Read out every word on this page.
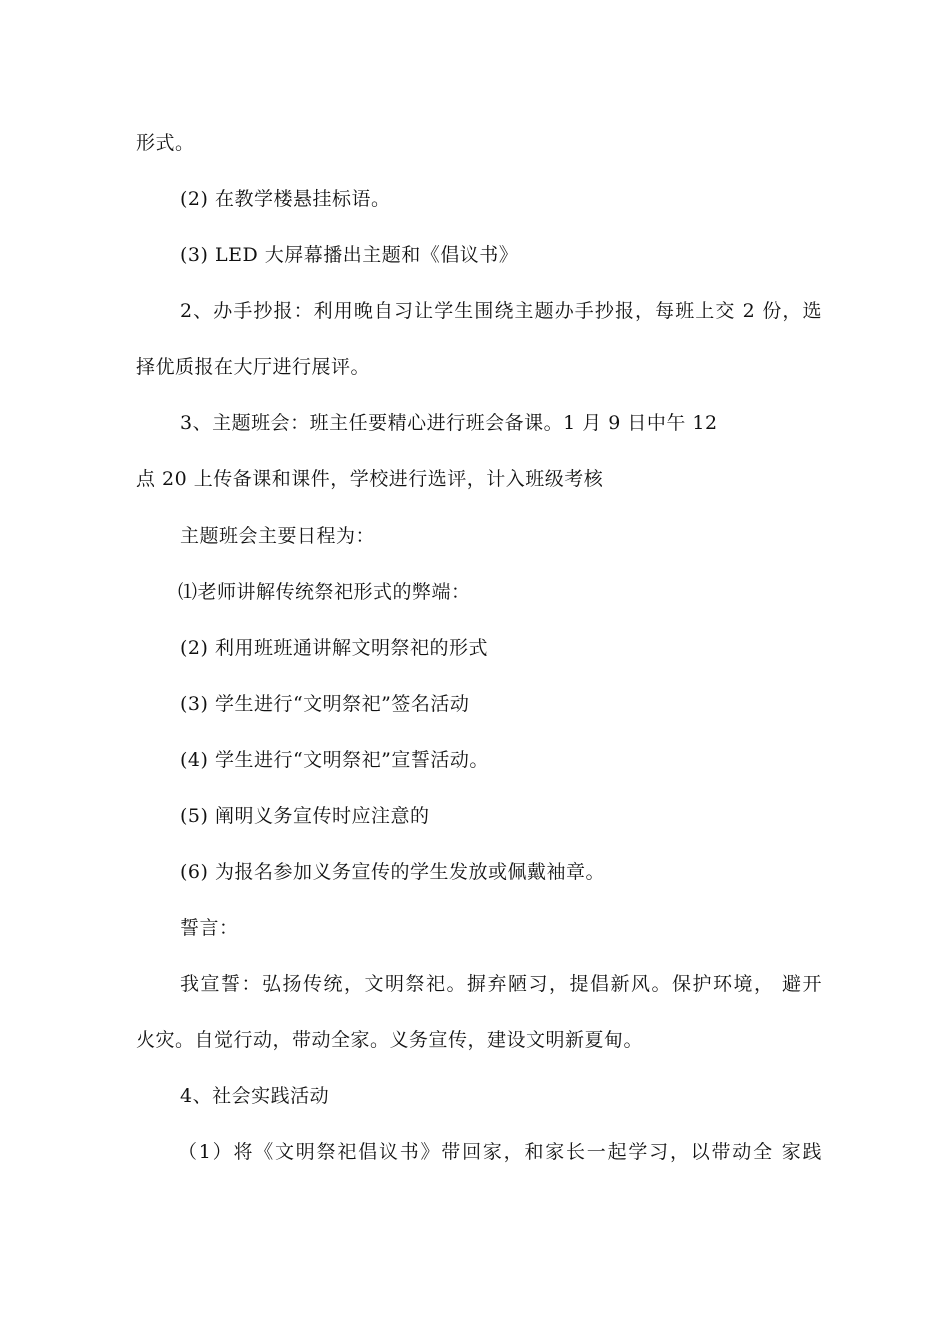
形式。
(2) 在教学楼悬挂标语。
(3) LED 大屏幕播出主题和《倡议书》
2、办手抄报：利用晚自习让学生围绕主题办手抄报，每班上交 2 份，选
择优质报在大厅进行展评。
3、主题班会：班主任要精心进行班会备课。1 月 9 日中午 12
点 20 上传备课和课件，学校进行选评，计入班级考核
主题班会主要日程为：
⑴老师讲解传统祭祀形式的弊端：
(2) 利用班班通讲解文明祭祀的形式
(3) 学生进行“文明祭祀”签名活动
(4) 学生进行“文明祭祀”宣誓活动。
(5) 阐明义务宣传时应注意的
(6) 为报名参加义务宣传的学生发放或佩戴袖章。
誓言：
我宣誓：弘扬传统，文明祭祀。摒弃陋习，提倡新风。保护环境， 避开
火灾。自觉行动，带动全家。义务宣传，建设文明新夏甸。
4、社会实践活动
（1）将《文明祭祀倡议书》带回家，和家长一起学习，以带动全 家践
